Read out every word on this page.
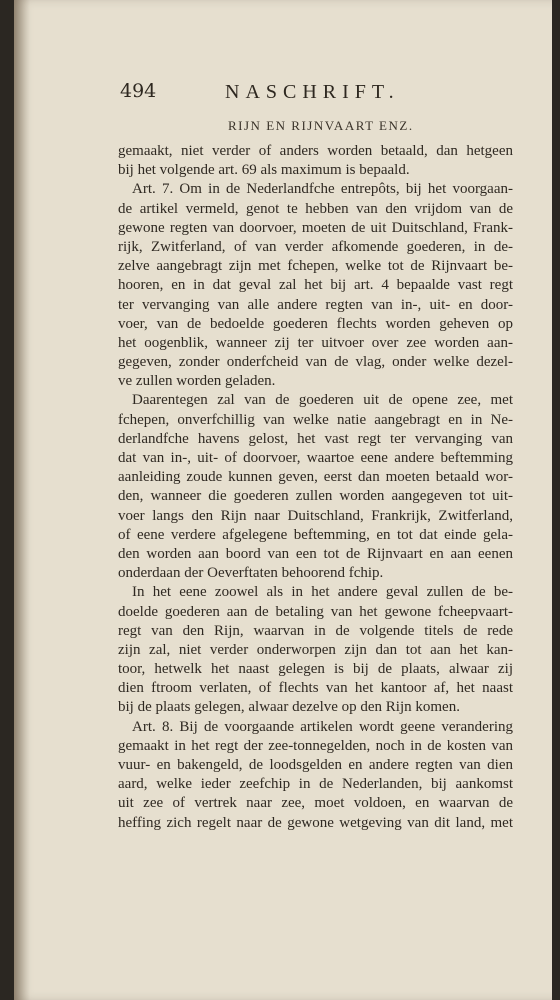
494	NASCHRIFT.
RIJN EN RIJNVAART ENZ.
gemaakt, niet verder of anders worden betaald, dan hetgeen
bij het volgende art. 69 als maximum is bepaald.
Art. 7. Om in de Nederlandfche entrepôts, bij het voorgaan-
de artikel vermeld, genot te hebben van den vrijdom van de
gewone regten van doorvoer, moeten de uit Duitschland, Frank-
rijk, Zwitferland, of van verder afkomende goederen, in de-
zelve aangebragt zijn met fchepen, welke tot de Rijnvaart be-
hooren, en in dat geval zal het bij art. 4 bepaalde vast regt
ter vervanging van alle andere regten van in-, uit- en door-
voer, van de bedoelde goederen flechts worden geheven op
het oogenblik, wanneer zij ter uitvoer over zee worden aan-
gegeven, zonder onderfcheid van de vlag, onder welke dezel-
ve zullen worden geladen.
Daarentegen zal van de goederen uit de opene zee, met
fchepen, onverfchillig van welke natie aangebragt en in Ne-
derlandfche havens gelost, het vast regt ter vervanging van
dat van in-, uit- of doorvoer, waartoe eene andere beftemming
aanleiding zoude kunnen geven, eerst dan moeten betaald wor-
den, wanneer die goederen zullen worden aangegeven tot uit-
voer langs den Rijn naar Duitschland, Frankrijk, Zwitferland,
of eene verdere afgelegene beftemming, en tot dat einde gela-
den worden aan boord van een tot de Rijnvaart en aan eenen
onderdaan der Oeverftaten behoorend fchip.
In het eene zoowel als in het andere geval zullen de be-
doelde goederen aan de betaling van het gewone fcheepvaart-
regt van den Rijn, waarvan in de volgende titels de rede
zijn zal, niet verder onderworpen zijn dan tot aan het kan-
toor, hetwelk het naast gelegen is bij de plaats, alwaar zij
dien ftroom verlaten, of flechts van het kantoor af, het naast
bij de plaats gelegen, alwaar dezelve op den Rijn komen.
Art. 8. Bij de voorgaande artikelen wordt geene verandering
gemaakt in het regt der zee-tonnegelden, noch in de kosten van
vuur- en bakengeld, de loodsgelden en andere regten van dien
aard, welke ieder zeefchip in de Nederlanden, bij aankomst
uit zee of vertrek naar zee, moet voldoen, en waarvan de
heffing zich regelt naar de gewone wetgeving van dit land, met
